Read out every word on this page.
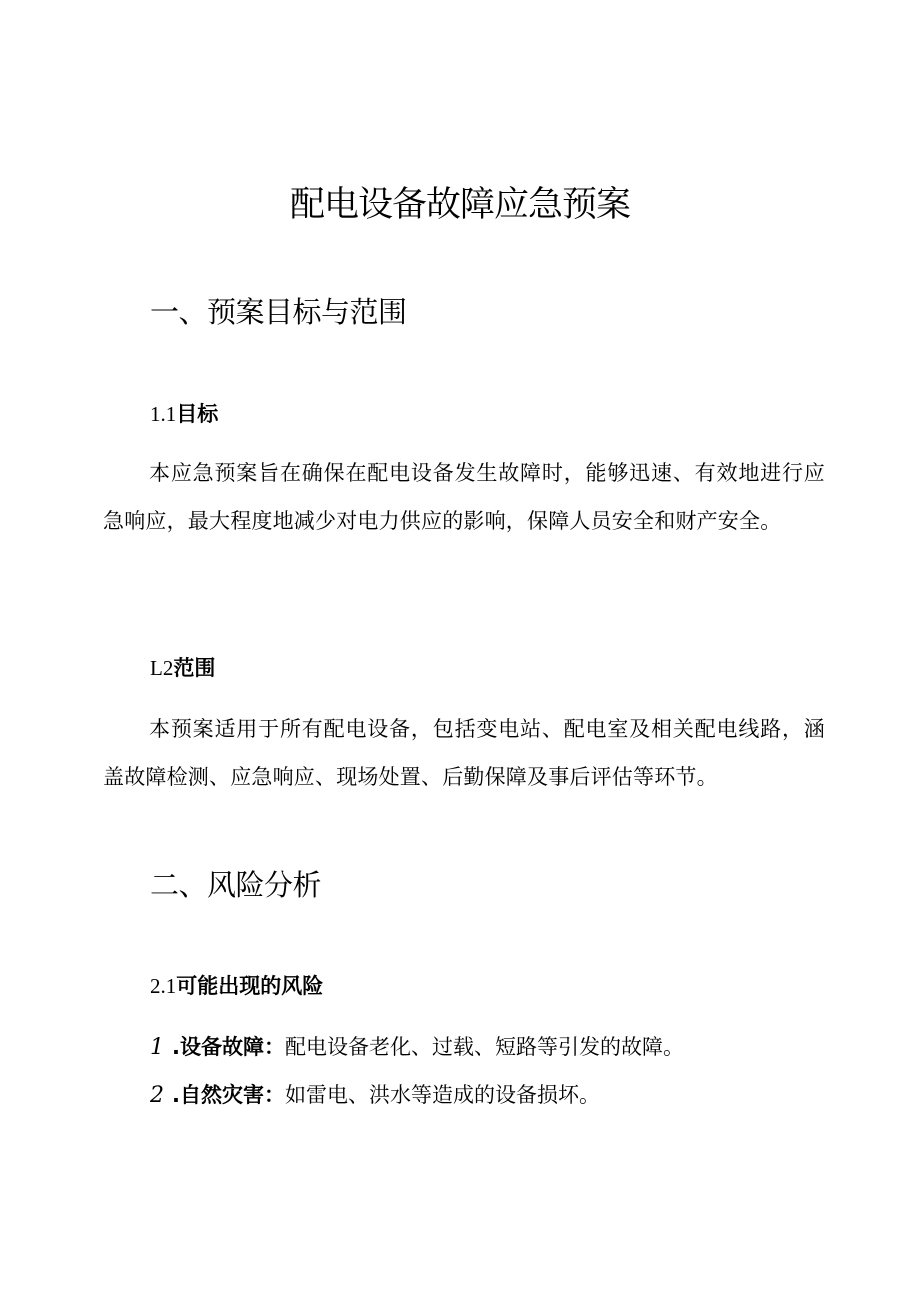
配电设备故障应急预案
一、预案目标与范围
1.1目标
本应急预案旨在确保在配电设备发生故障时，能够迅速、有效地进行应急响应，最大程度地减少对电力供应的影响，保障人员安全和财产安全。
L2范围
本预案适用于所有配电设备，包括变电站、配电室及相关配电线路，涵盖故障检测、应急响应、现场处置、后勤保障及事后评估等环节。
二、风险分析
2.1可能出现的风险
1 .设备故障：配电设备老化、过载、短路等引发的故障。
2 .自然灾害：如雷电、洪水等造成的设备损坏。
